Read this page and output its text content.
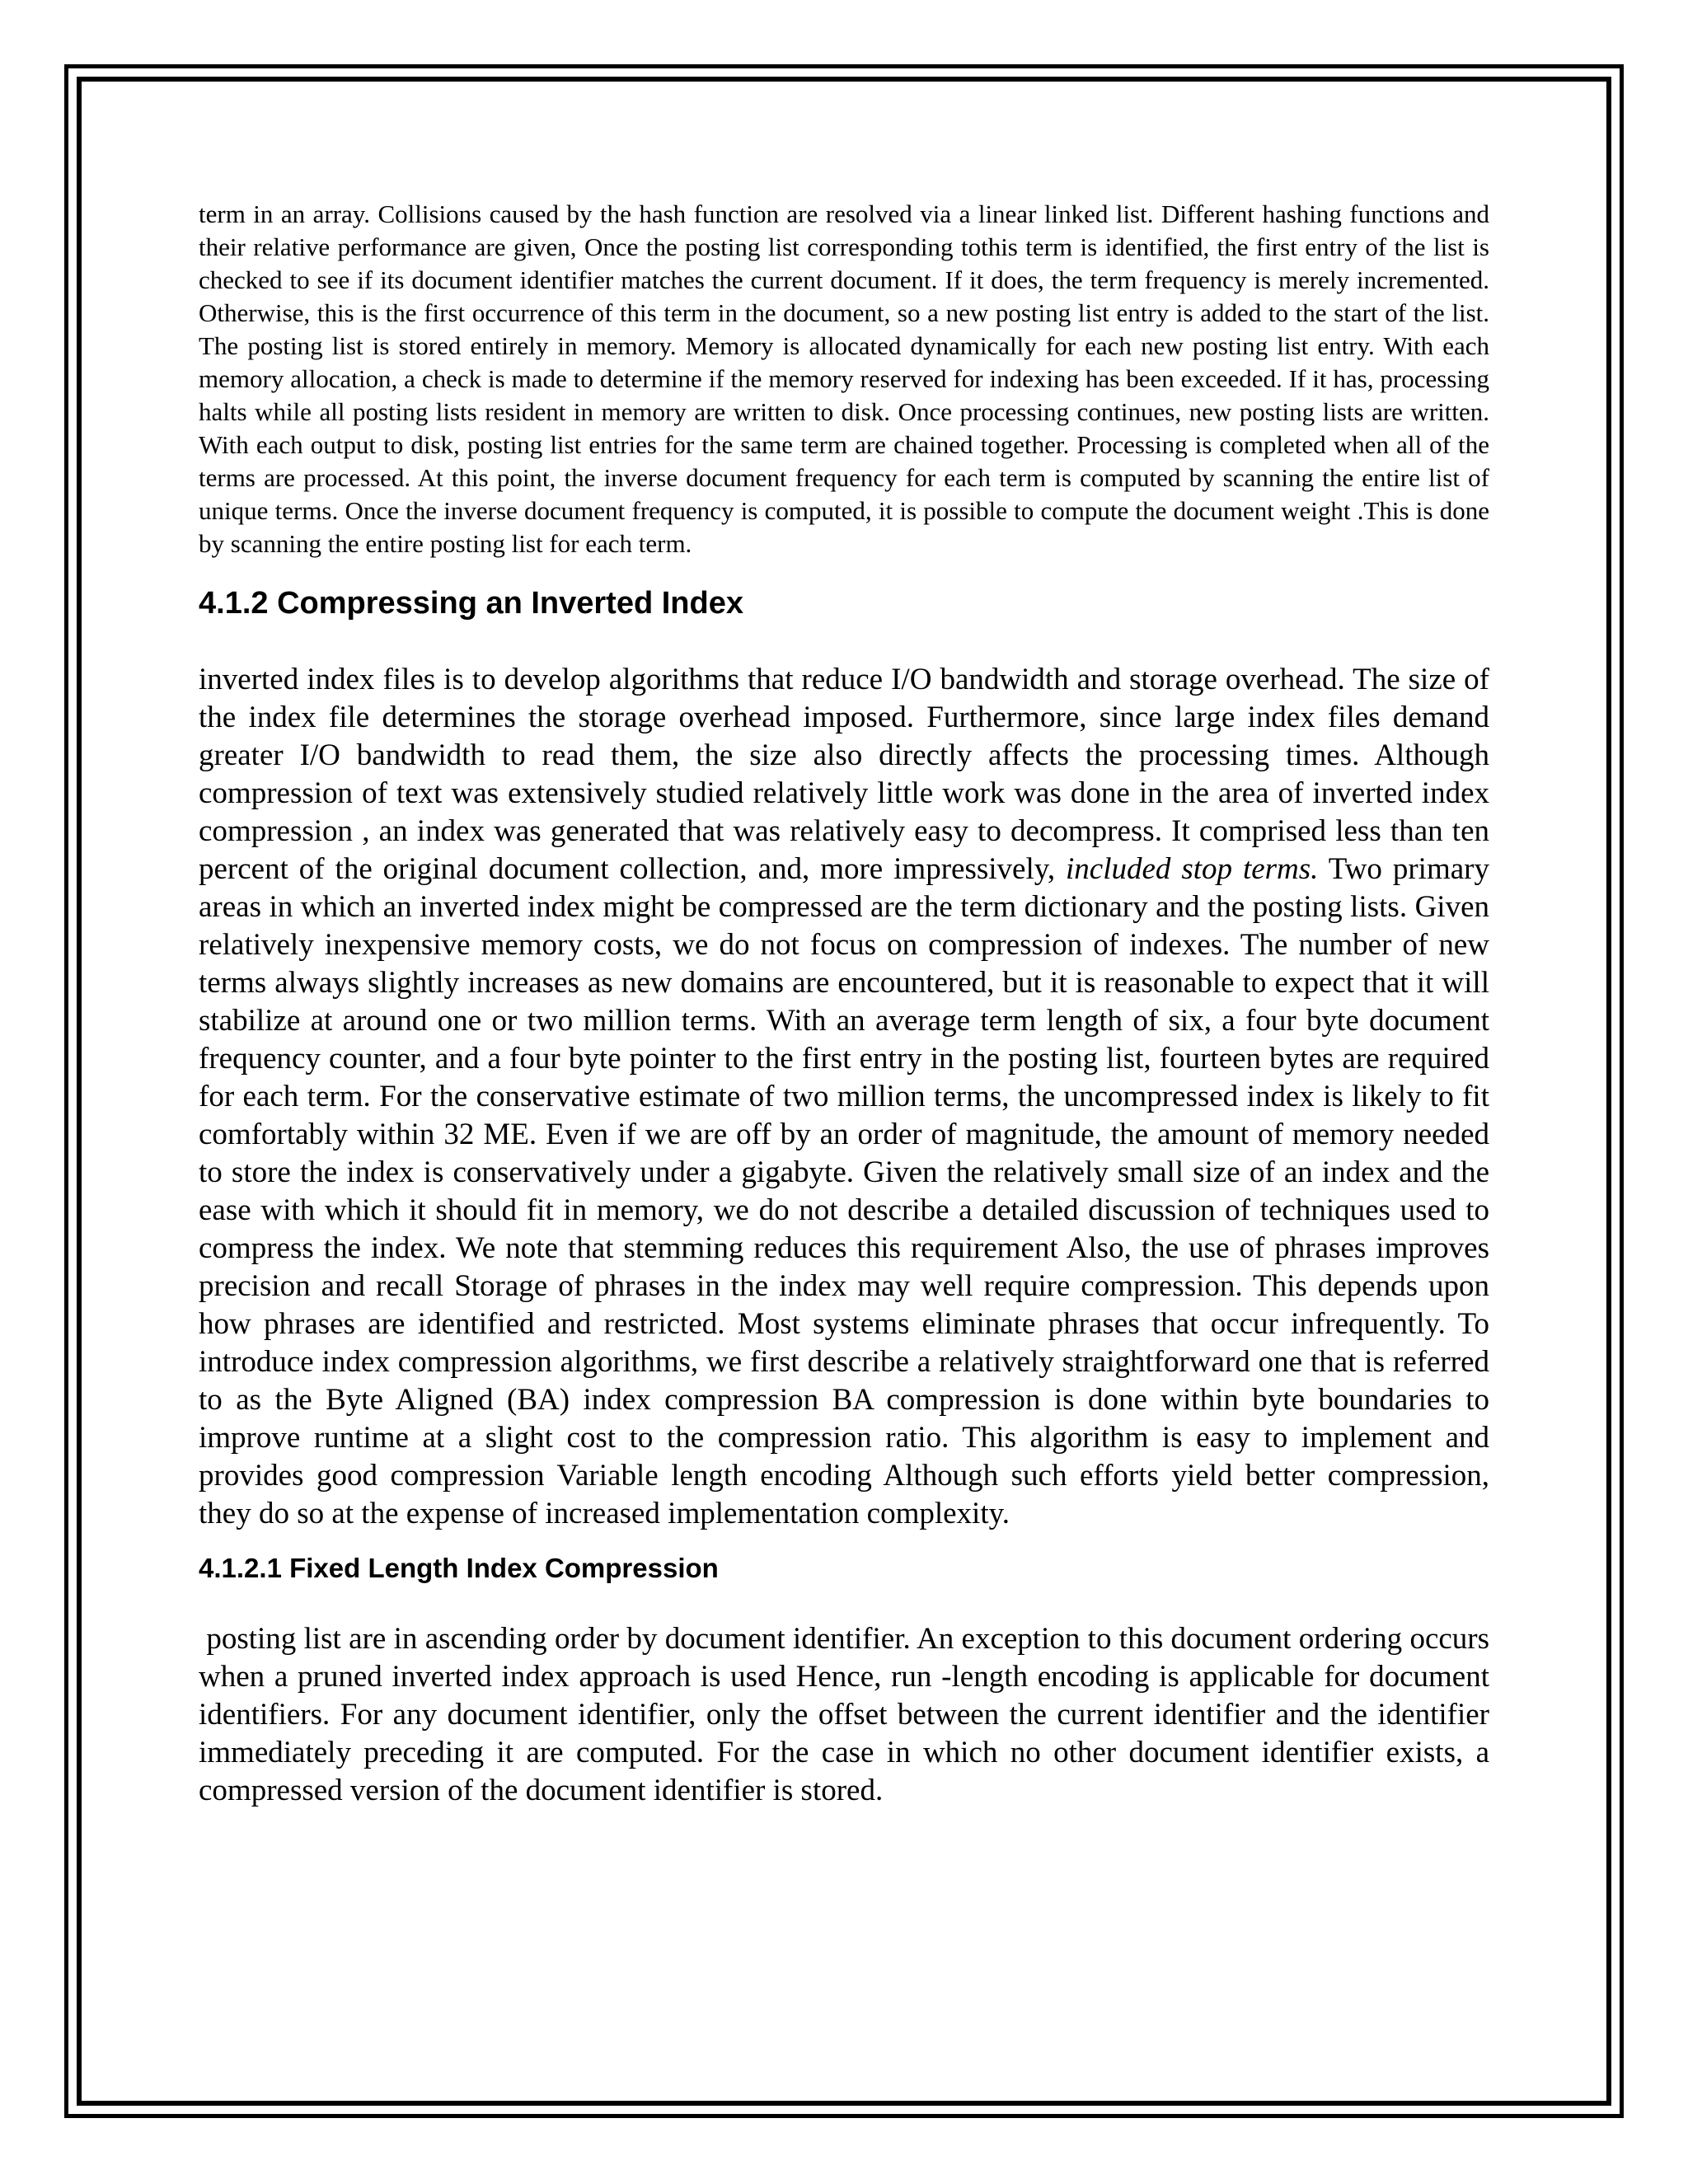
term in an array. Collisions caused by the hash function are resolved via a linear linked list. Different hashing functions and their relative performance are given, Once the posting list corresponding tothis term is identified, the first entry of the list is checked to see if its document identifier matches the current document. If it does, the term frequency is merely incremented. Otherwise, this is the first occurrence of this term in the document, so a new posting list entry is added to the start of the list. The posting list is stored entirely in memory. Memory is allocated dynamically for each new posting list entry. With each memory allocation, a check is made to determine if the memory reserved for indexing has been exceeded. If it has, processing halts while all posting lists resident in memory are written to disk. Once processing continues, new posting lists are written. With each output to disk, posting list entries for the same term are chained together. Processing is completed when all of the terms are processed. At this point, the inverse document frequency for each term is computed by scanning the entire list of unique terms. Once the inverse document frequency is computed, it is possible to compute the document weight .This is done by scanning the entire posting list for each term.

4.1.2 Compressing an Inverted Index

inverted index files is to develop algorithms that reduce I/O bandwidth and storage overhead. The size of the index file determines the storage overhead imposed. Furthermore, since large index files demand greater I/O bandwidth to read them, the size also directly affects the processing times. Although compression of text was extensively studied relatively little work was done in the area of inverted index compression , an index was generated that was relatively easy to decompress. It comprised less than ten percent of the original document collection, and, more impressively, included stop terms. Two primary areas in which an inverted index might be compressed are the term dictionary and the posting lists. Given relatively inexpensive memory costs, we do not focus on compression of indexes. The number of new terms always slightly increases as new domains are encountered, but it is reasonable to expect that it will stabilize at around one or two million terms. With an average term length of six, a four byte document frequency counter, and a four byte pointer to the first entry in the posting list, fourteen bytes are required for each term. For the conservative estimate of two million terms, the uncompressed index is likely to fit comfortably within 32 ME. Even if we are off by an order of magnitude, the amount of memory needed to store the index is conservatively under a gigabyte. Given the relatively small size of an index and the ease with which it should fit in memory, we do not describe a detailed discussion of techniques used to compress the index. We note that stemming reduces this requirement Also, the use of phrases improves precision and recall Storage of phrases in the index may well require compression. This depends upon how phrases are identified and restricted. Most systems eliminate phrases that occur infrequently. To introduce index compression algorithms, we first describe a relatively straightforward one that is referred to as the Byte Aligned (BA) index compression BA compression is done within byte boundaries to improve runtime at a slight cost to the compression ratio. This algorithm is easy to implement and provides good compression Variable length encoding Although such efforts yield better compression, they do so at the expense of increased implementation complexity.

4.1.2.1 Fixed Length Index Compression

posting list are in ascending order by document identifier. An exception to this document ordering occurs when a pruned inverted index approach is used Hence, run -length encoding is applicable for document identifiers. For any document identifier, only the offset between the current identifier and the identifier immediately preceding it are computed. For the case in which no other document identifier exists, a compressed version of the document identifier is stored.
